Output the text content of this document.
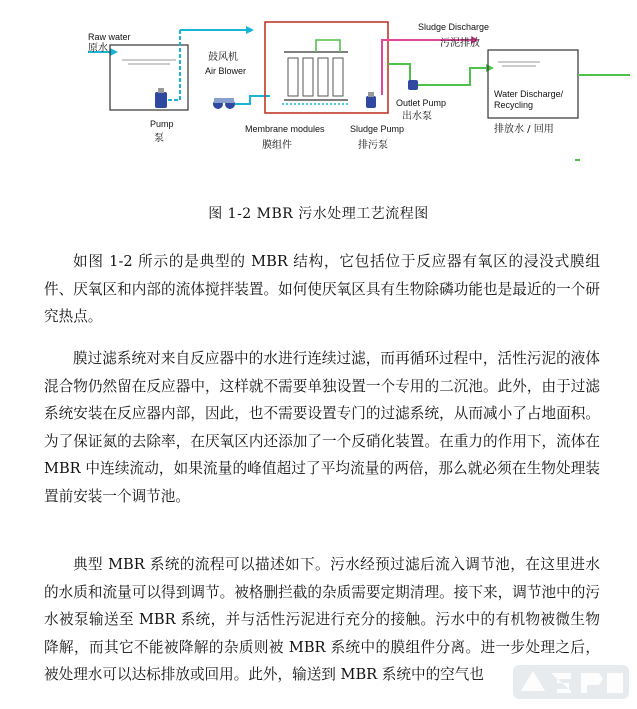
Raw water
原水
Pump
泵
鼓风机
Air Blower
Membrane modules
膜组件
Sludge Pump
排污泵
Sludge Discharge
污泥排放
Outlet Pump
出水泵
Water Discharge/
Recycling
排放水 / 回用
图 1-2 MBR 污水处理工艺流程图

如图 1-2 所示的是典型的 MBR 结构，它包括位于反应器有氧区的浸没式膜组件、厌氧区和内部的流体搅拌装置。如何使厌氧区具有生物除磷功能也是最近的一个研究热点。

膜过滤系统对来自反应器中的水进行连续过滤，而再循环过程中，活性污泥的液体混合物仍然留在反应器中，这样就不需要单独设置一个专用的二沉池。此外，由于过滤系统安装在反应器内部，因此，也不需要设置专门的过滤系统，从而减小了占地面积。为了保证氮的去除率，在厌氧区内还添加了一个反硝化装置。在重力的作用下，流体在 MBR 中连续流动，如果流量的峰值超过了平均流量的两倍，那么就必须在生物处理装置前安装一个调节池。

典型 MBR 系统的流程可以描述如下。污水经预过滤后流入调节池，在这里进水的水质和流量可以得到调节。被格删拦截的杂质需要定期清理。接下来，调节池中的污水被泵输送至 MBR 系统，并与活性污泥进行充分的接触。污水中的有机物被微生物降解，而其它不能被降解的杂质则被 MBR 系统中的膜组件分离。进一步处理之后，被处理水可以达标排放或回用。此外，输送到 MBR 系统中的空气也
